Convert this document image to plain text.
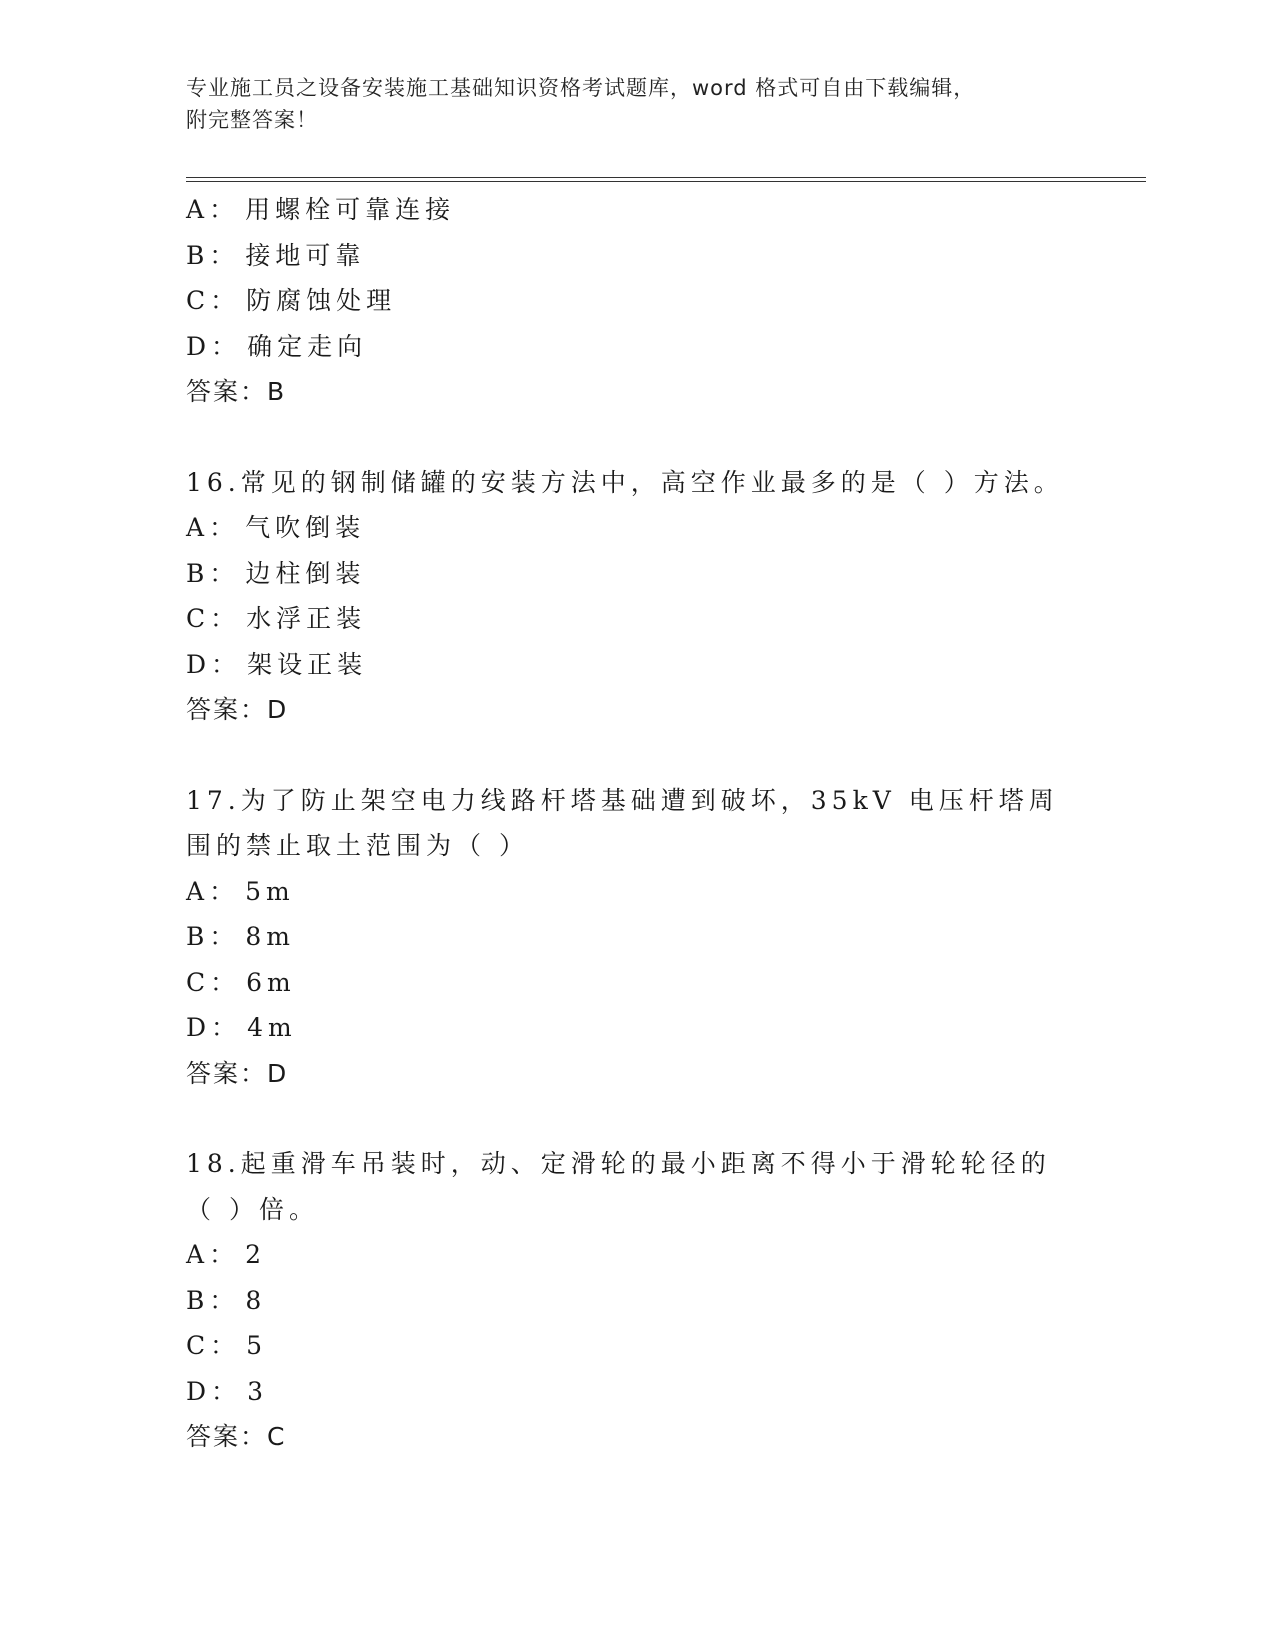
专业施工员之设备安装施工基础知识资格考试题库，word 格式可自由下载编辑，
附完整答案！
A： 用螺栓可靠连接
B： 接地可靠
C： 防腐蚀处理
D： 确定走向
答案：B
16.常见的钢制储罐的安装方法中，高空作业最多的是（ ）方法。
A： 气吹倒装
B： 边柱倒装
C： 水浮正装
D： 架设正装
答案：D
17.为了防止架空电力线路杆塔基础遭到破坏，35kV 电压杆塔周围的禁止取土范围为（ ）
A： 5m
B： 8m
C： 6m
D： 4m
答案：D
18.起重滑车吊装时，动、定滑轮的最小距离不得小于滑轮轮径的（ ）倍。
A： 2
B： 8
C： 5
D： 3
答案：C
